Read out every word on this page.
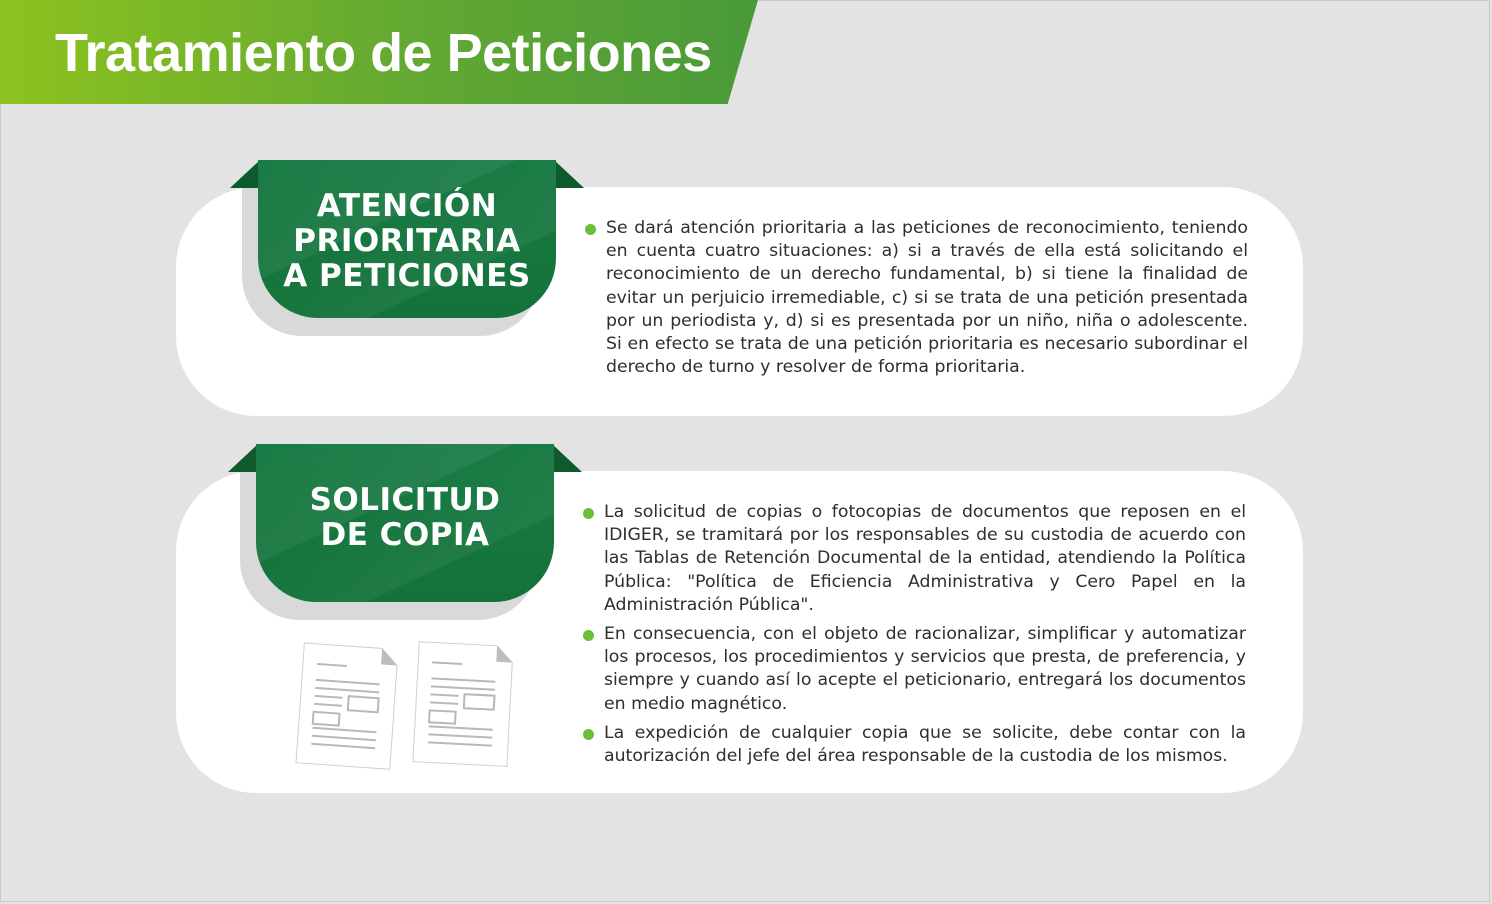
Tratamiento de Peticiones
ATENCIÓN
PRIORITARIA
A PETICIONES
Se dará atención prioritaria a las peticiones de reconocimiento, teniendo en cuenta cuatro situaciones: a) si a través de ella está solicitando el reconocimiento de un derecho fundamental, b) si tiene la finalidad de evitar un perjuicio irremediable, c) si se trata de una petición presentada por un periodista y, d) si es presentada por un niño, niña o adolescente. Si en efecto se trata de una petición prioritaria es necesario subordinar el derecho de turno y resolver de forma prioritaria.
SOLICITUD
DE COPIA
La solicitud de copias o fotocopias de documentos que reposen en el IDIGER, se tramitará por los responsables de su custodia de acuerdo con las Tablas de Retención Documental de la entidad, atendiendo la Política Pública: "Política de Eficiencia Administrativa y Cero Papel en la Administración Pública".
En consecuencia, con el objeto de racionalizar, simplificar y automatizar los procesos, los procedimientos y servicios que presta, de preferencia, y siempre y cuando así lo acepte el peticionario, entregará los documentos en medio magnético.
La expedición de cualquier copia que se solicite, debe contar con la autorización del jefe del área responsable de la custodia de los mismos.
